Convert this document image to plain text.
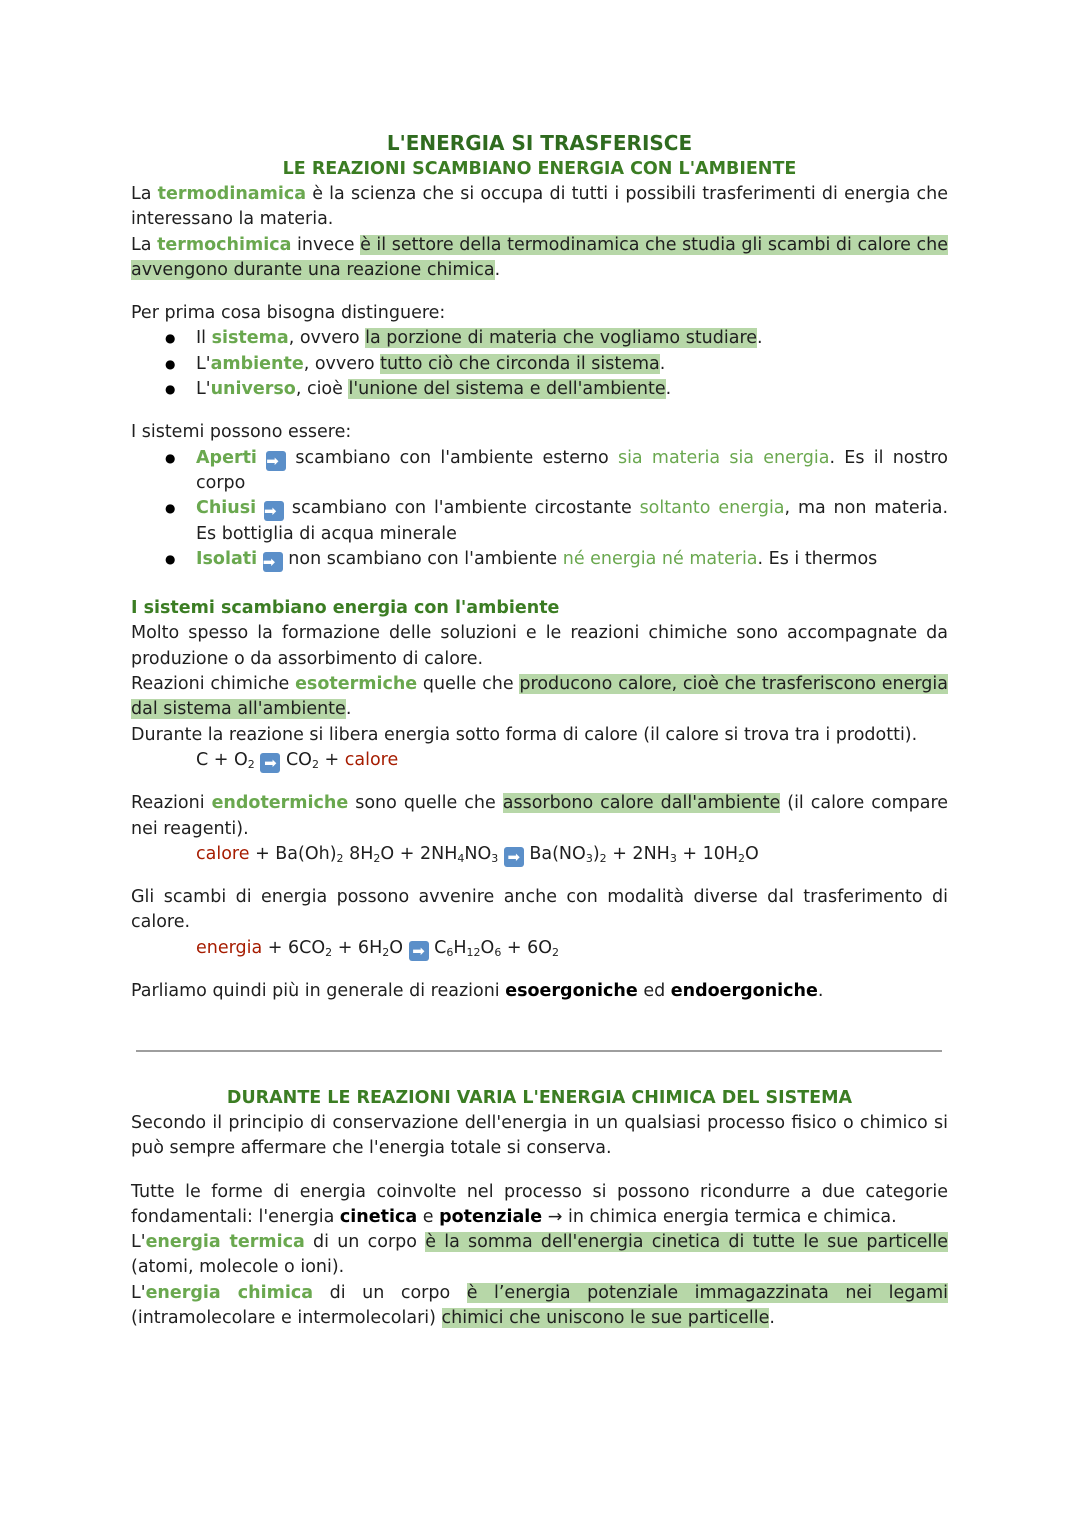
L'ENERGIA SI TRASFERISCE

LE REAZIONI SCAMBIANO ENERGIA CON L'AMBIENTE

La termodinamica è la scienza che si occupa di tutti i possibili trasferimenti di energia che interessano la materia.

La termochimica invece è il settore della termodinamica che studia gli scambi di calore che avvengono durante una reazione chimica.

Per prima cosa bisogna distinguere:

● Il sistema, ovvero la porzione di materia che vogliamo studiare.
● L'ambiente, ovvero tutto ciò che circonda il sistema.
● L'universo, cioè l'unione del sistema e dell'ambiente.

I sistemi possono essere:

● Aperti ➡ scambiano con l'ambiente esterno sia materia sia energia. Es il nostro corpo
● Chiusi ➡ scambiano con l'ambiente circostante soltanto energia, ma non materia. Es bottiglia di acqua minerale
● Isolati ➡ non scambiano con l'ambiente né energia né materia. Es i thermos

I sistemi scambiano energia con l'ambiente

Molto spesso la formazione delle soluzioni e le reazioni chimiche sono accompagnate da produzione o da assorbimento di calore.

Reazioni chimiche esotermiche quelle che producono calore, cioè che trasferiscono energia dal sistema all'ambiente.

Durante la reazione si libera energia sotto forma di calore (il calore si trova tra i prodotti).

$C + O_2$ ➡ $CO_2$ + calore

Reazioni endotermiche sono quelle che assorbono calore dall'ambiente (il calore compare nei reagenti).

calore + $Ba(Oh)_2$ $8H_2O + 2NH_4NO_3$ ➡ $Ba(NO_3)_2 + 2NH_3 + 10H_2O$

Gli scambi di energia possono avvenire anche con modalità diverse dal trasferimento di calore.

energia + $6CO_2 + 6H_2O$ ➡ $C_6H_{12}O_6 + 6O_2$

Parliamo quindi più in generale di reazioni esoergoniche ed endoergoniche.

DURANTE LE REAZIONI VARIA L'ENERGIA CHIMICA DEL SISTEMA

Secondo il principio di conservazione dell'energia in un qualsiasi processo fisico o chimico si può sempre affermare che l'energia totale si conserva.

Tutte le forme di energia coinvolte nel processo si possono ricondurre a due categorie fondamentali: l'energia cinetica e potenziale → in chimica energia termica e chimica.

L'energia termica di un corpo è la somma dell'energia cinetica di tutte le sue particelle (atomi, molecole o ioni).

L'energia chimica di un corpo è l’energia potenziale immagazzinata nei legami (intramolecolare e intermolecolari) chimici che uniscono le sue particelle.
